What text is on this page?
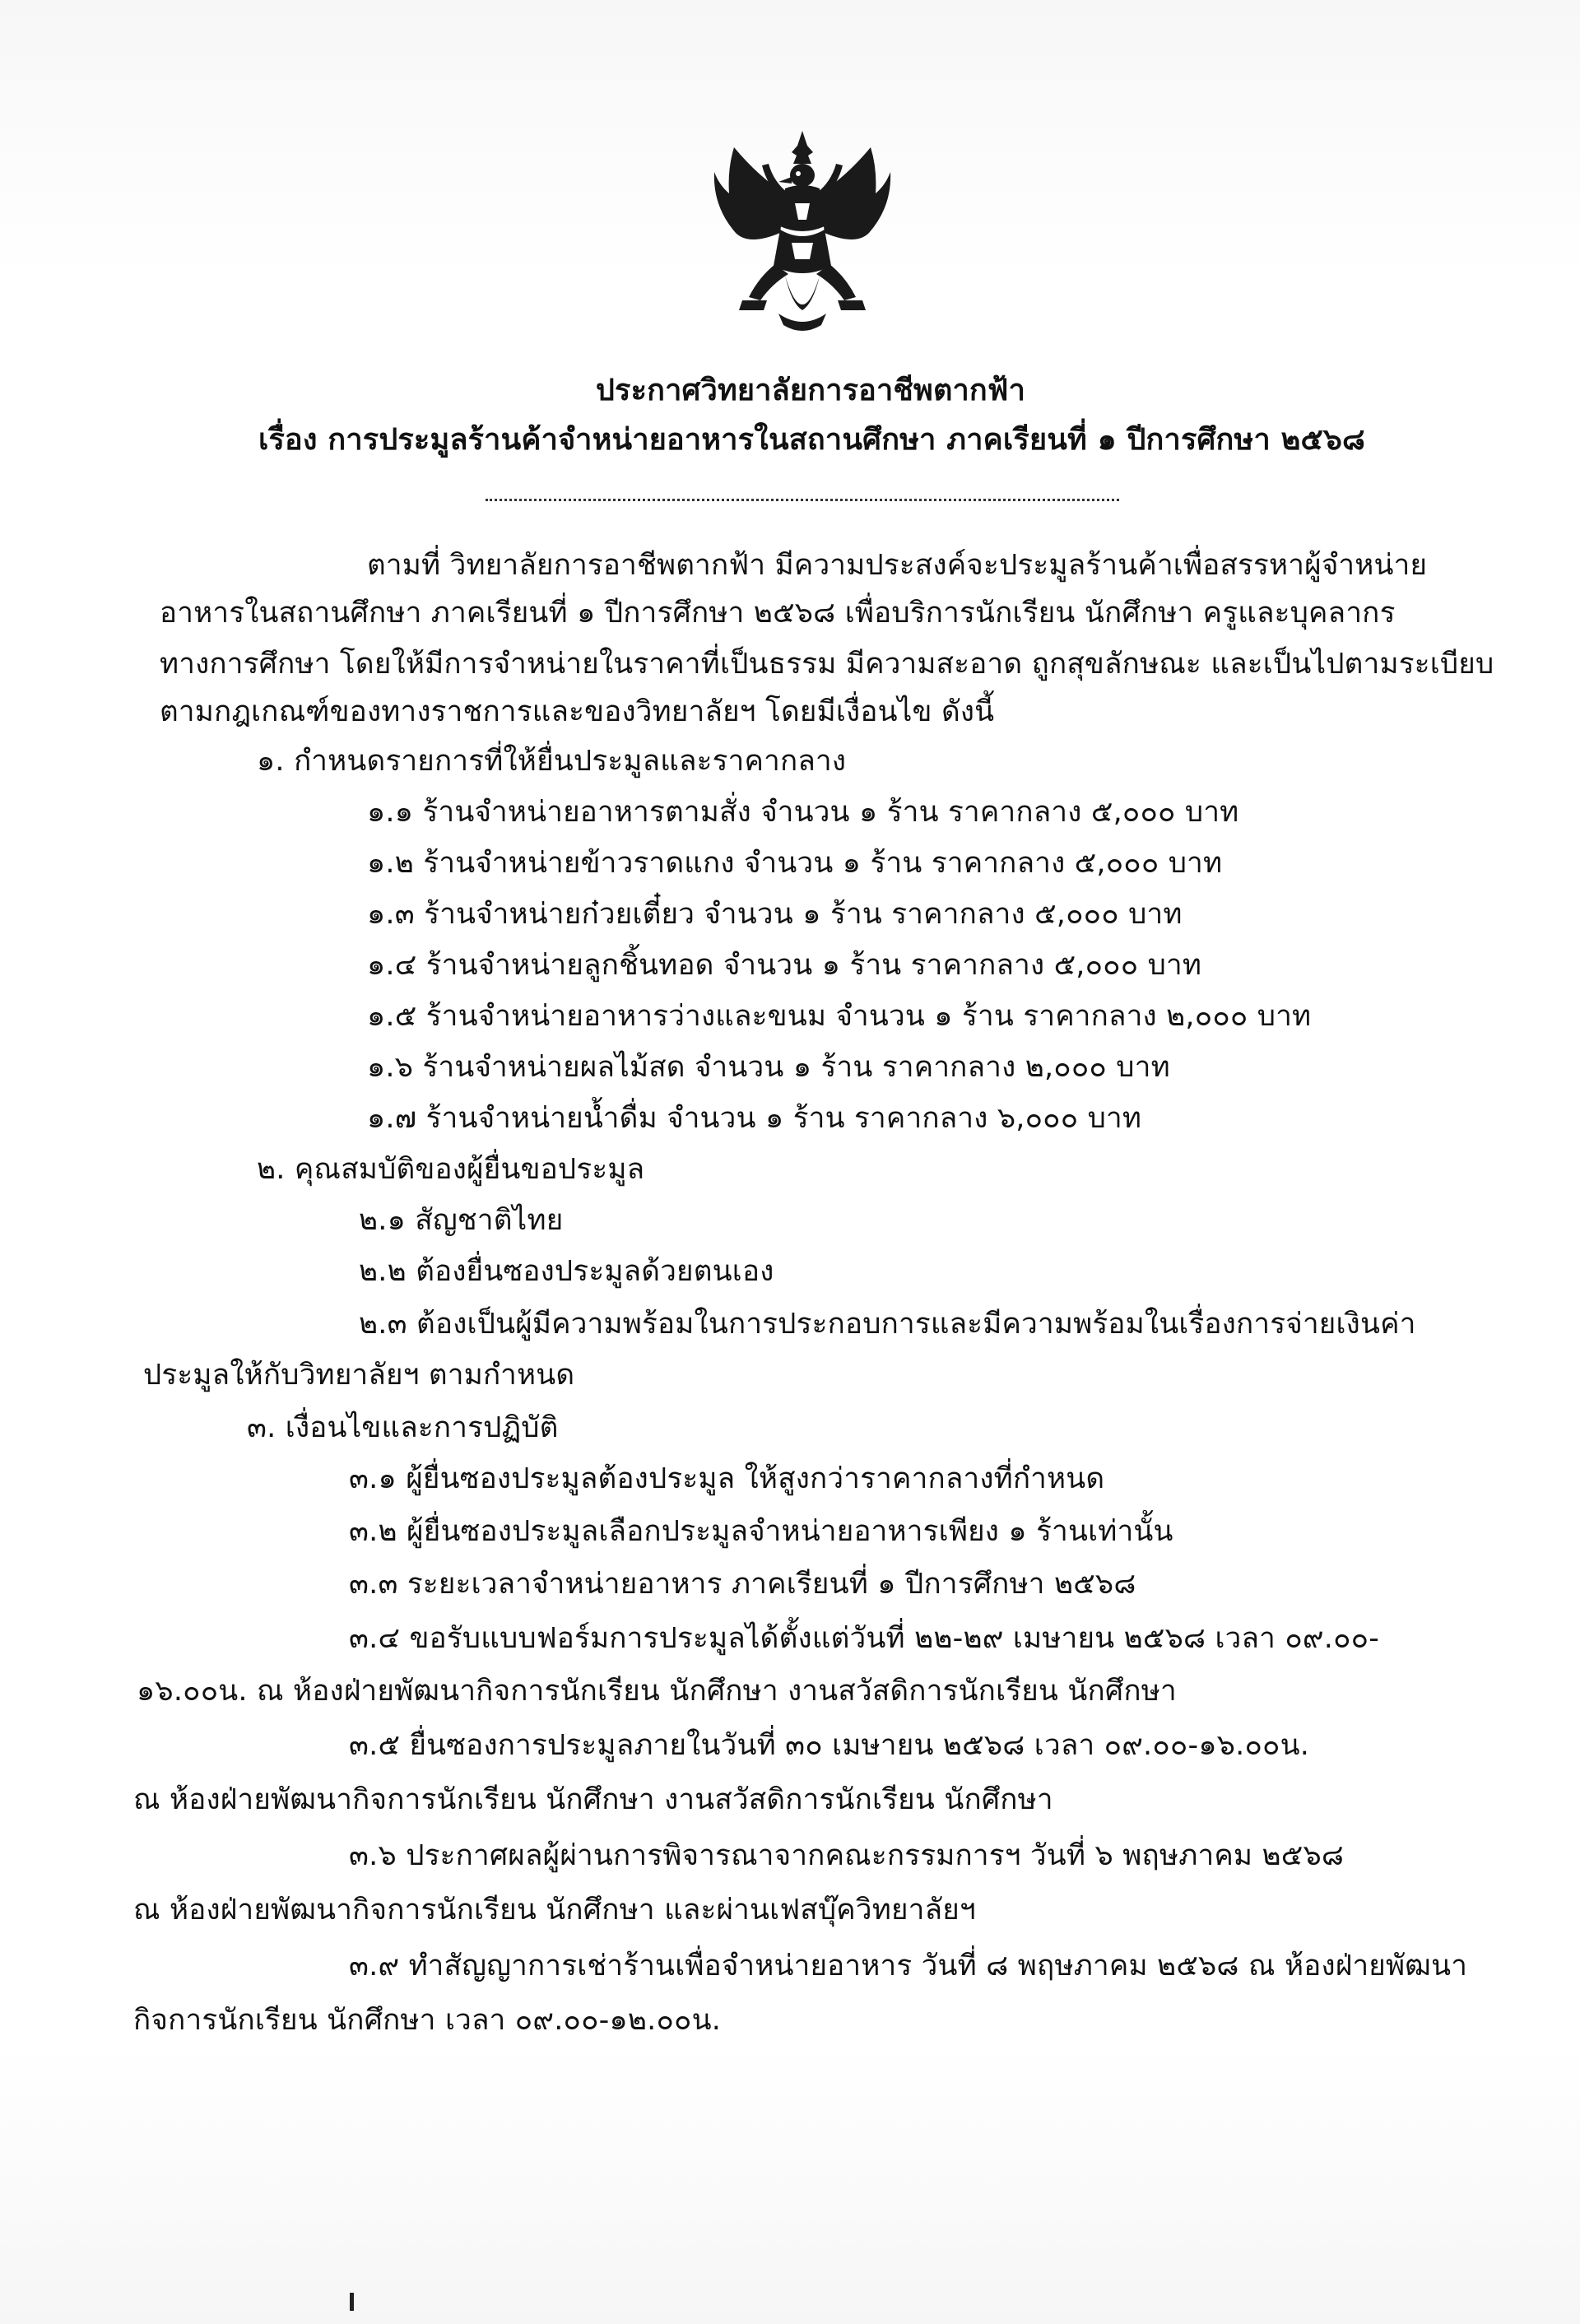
ประกาศวิทยาลัยการอาชีพตากฟ้า
เรื่อง การประมูลร้านค้าจำหน่ายอาหารในสถานศึกษา ภาคเรียนที่ ๑ ปีการศึกษา ๒๕๖๘
ตามที่ วิทยาลัยการอาชีพตากฟ้า มีความประสงค์จะประมูลร้านค้าเพื่อสรรหาผู้จำหน่าย
อาหารในสถานศึกษา ภาคเรียนที่ ๑ ปีการศึกษา ๒๕๖๘ เพื่อบริการนักเรียน นักศึกษา ครูและบุคลากร
ทางการศึกษา โดยให้มีการจำหน่ายในราคาที่เป็นธรรม มีความสะอาด ถูกสุขลักษณะ และเป็นไปตามระเบียบ
ตามกฎเกณฑ์ของทางราชการและของวิทยาลัยฯ โดยมีเงื่อนไข ดังนี้
๑. กำหนดรายการที่ให้ยื่นประมูลและราคากลาง
๑.๑ ร้านจำหน่ายอาหารตามสั่ง จำนวน ๑ ร้าน ราคากลาง ๕,๐๐๐ บาท
๑.๒ ร้านจำหน่ายข้าวราดแกง จำนวน ๑ ร้าน ราคากลาง ๕,๐๐๐ บาท
๑.๓ ร้านจำหน่ายก๋วยเตี๋ยว จำนวน ๑ ร้าน ราคากลาง ๕,๐๐๐ บาท
๑.๔ ร้านจำหน่ายลูกชิ้นทอด จำนวน ๑ ร้าน ราคากลาง ๕,๐๐๐ บาท
๑.๕ ร้านจำหน่ายอาหารว่างและขนม จำนวน ๑ ร้าน ราคากลาง ๒,๐๐๐ บาท
๑.๖ ร้านจำหน่ายผลไม้สด จำนวน ๑ ร้าน ราคากลาง ๒,๐๐๐ บาท
๑.๗ ร้านจำหน่ายน้ำดื่ม จำนวน ๑ ร้าน ราคากลาง ๖,๐๐๐ บาท
๒. คุณสมบัติของผู้ยื่นขอประมูล
๒.๑ สัญชาติไทย
๒.๒ ต้องยื่นซองประมูลด้วยตนเอง
๒.๓ ต้องเป็นผู้มีความพร้อมในการประกอบการและมีความพร้อมในเรื่องการจ่ายเงินค่า
ประมูลให้กับวิทยาลัยฯ ตามกำหนด
๓. เงื่อนไขและการปฏิบัติ
๓.๑ ผู้ยื่นซองประมูลต้องประมูล ให้สูงกว่าราคากลางที่กำหนด
๓.๒ ผู้ยื่นซองประมูลเลือกประมูลจำหน่ายอาหารเพียง ๑ ร้านเท่านั้น
๓.๓ ระยะเวลาจำหน่ายอาหาร ภาคเรียนที่ ๑ ปีการศึกษา ๒๕๖๘
๓.๔ ขอรับแบบฟอร์มการประมูลได้ตั้งแต่วันที่ ๒๒-๒๙ เมษายน ๒๕๖๘ เวลา ๐๙.๐๐-
๑๖.๐๐น. ณ ห้องฝ่ายพัฒนากิจการนักเรียน นักศึกษา งานสวัสดิการนักเรียน นักศึกษา
๓.๕ ยื่นซองการประมูลภายในวันที่ ๓๐ เมษายน ๒๕๖๘ เวลา ๐๙.๐๐-๑๖.๐๐น.
ณ ห้องฝ่ายพัฒนากิจการนักเรียน นักศึกษา งานสวัสดิการนักเรียน นักศึกษา
๓.๖ ประกาศผลผู้ผ่านการพิจารณาจากคณะกรรมการฯ วันที่ ๖ พฤษภาคม ๒๕๖๘
ณ ห้องฝ่ายพัฒนากิจการนักเรียน นักศึกษา และผ่านเฟสบุ๊ควิทยาลัยฯ
๓.๙ ทำสัญญาการเช่าร้านเพื่อจำหน่ายอาหาร วันที่ ๘ พฤษภาคม ๒๕๖๘ ณ ห้องฝ่ายพัฒนา
กิจการนักเรียน นักศึกษา เวลา ๐๙.๐๐-๑๒.๐๐น.
